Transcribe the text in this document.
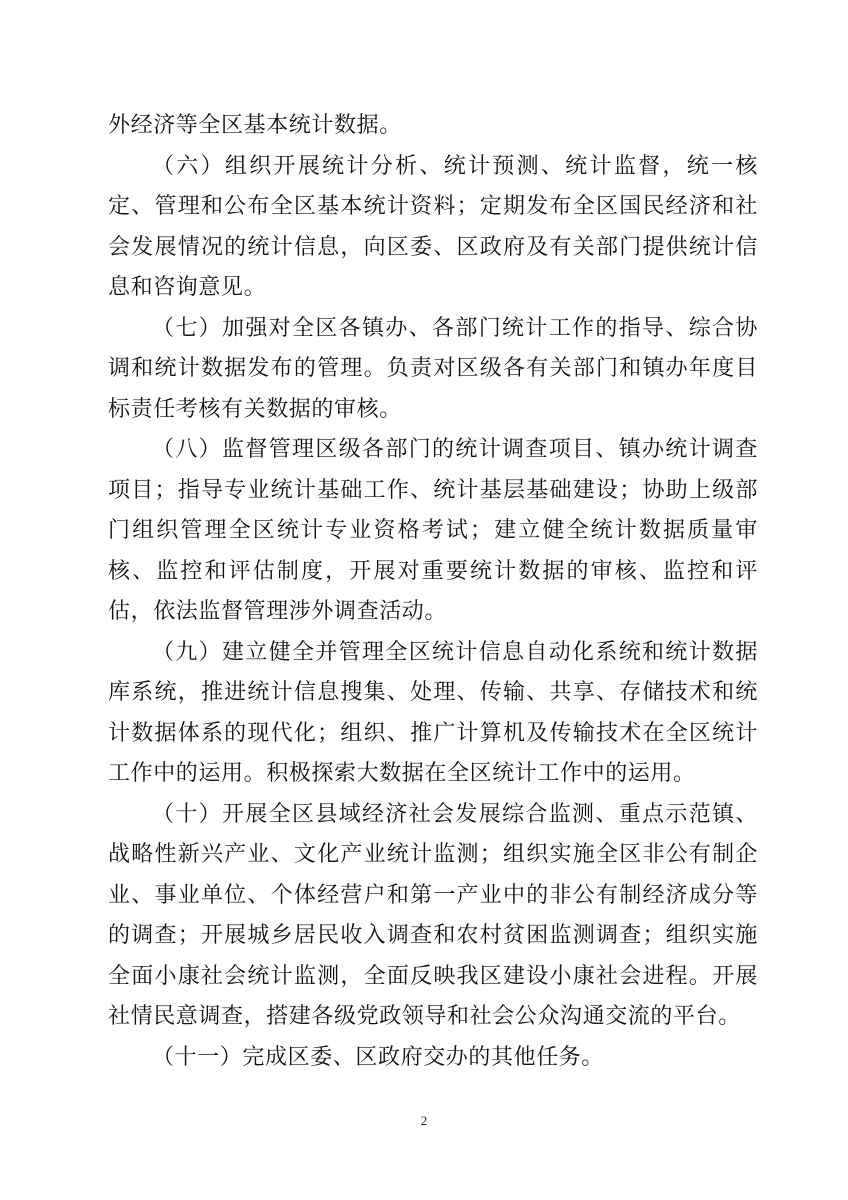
外经济等全区基本统计数据。

（六）组织开展统计分析、统计预测、统计监督，统一核定、管理和公布全区基本统计资料；定期发布全区国民经济和社会发展情况的统计信息，向区委、区政府及有关部门提供统计信息和咨询意见。

（七）加强对全区各镇办、各部门统计工作的指导、综合协调和统计数据发布的管理。负责对区级各有关部门和镇办年度目标责任考核有关数据的审核。

（八）监督管理区级各部门的统计调查项目、镇办统计调查项目；指导专业统计基础工作、统计基层基础建设；协助上级部门组织管理全区统计专业资格考试；建立健全统计数据质量审核、监控和评估制度，开展对重要统计数据的审核、监控和评估，依法监督管理涉外调查活动。

（九）建立健全并管理全区统计信息自动化系统和统计数据库系统，推进统计信息搜集、处理、传输、共享、存储技术和统计数据体系的现代化；组织、推广计算机及传输技术在全区统计工作中的运用。积极探索大数据在全区统计工作中的运用。

（十）开展全区县域经济社会发展综合监测、重点示范镇、战略性新兴产业、文化产业统计监测；组织实施全区非公有制企业、事业单位、个体经营户和第一产业中的非公有制经济成分等的调查；开展城乡居民收入调查和农村贫困监测调查；组织实施全面小康社会统计监测，全面反映我区建设小康社会进程。开展社情民意调查，搭建各级党政领导和社会公众沟通交流的平台。

（十一）完成区委、区政府交办的其他任务。

2
